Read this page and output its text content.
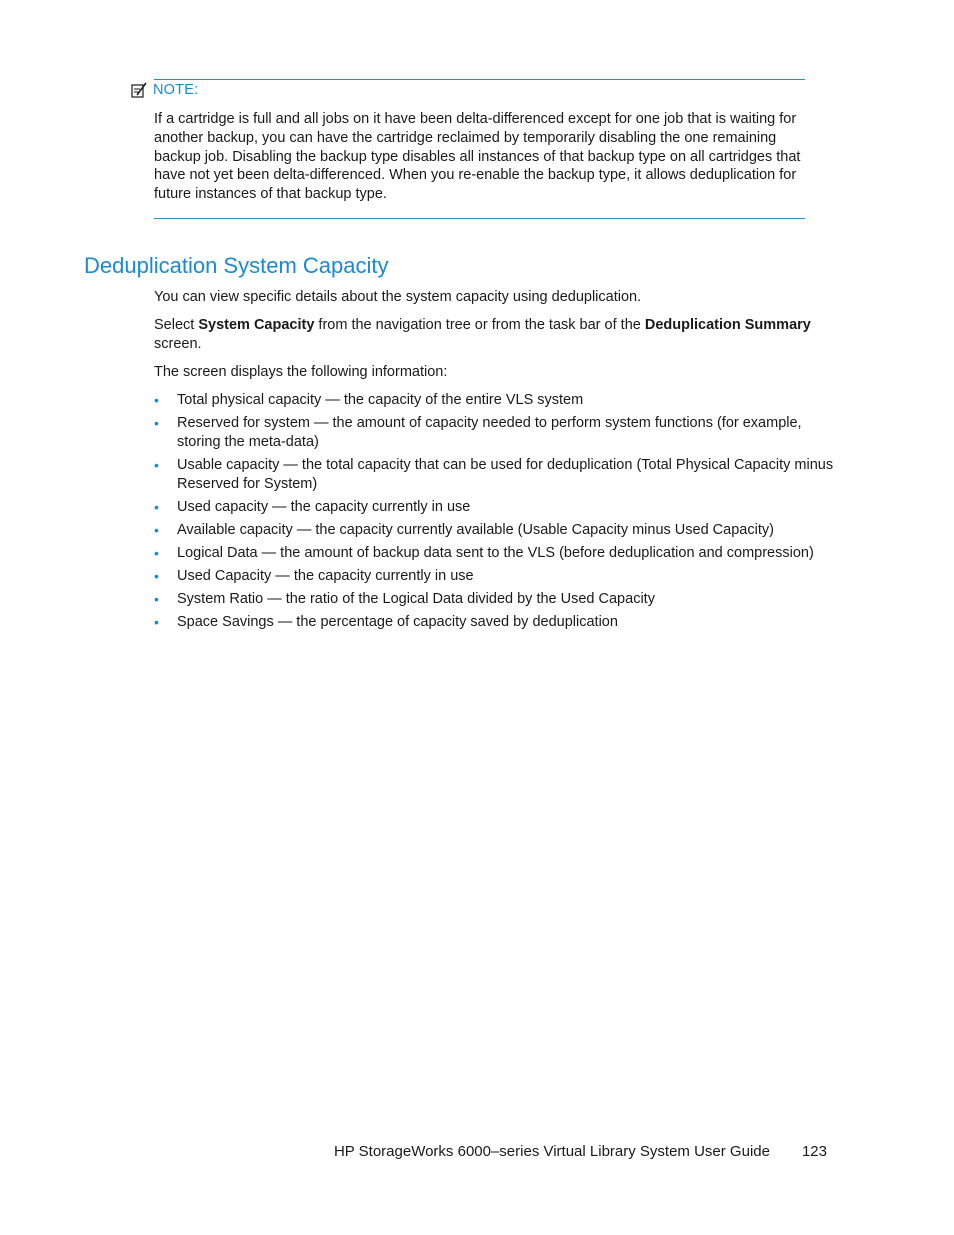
NOTE:
If a cartridge is full and all jobs on it have been delta-differenced except for one job that is waiting for another backup, you can have the cartridge reclaimed by temporarily disabling the one remaining backup job. Disabling the backup type disables all instances of that backup type on all cartridges that have not yet been delta-differenced. When you re-enable the backup type, it allows deduplication for future instances of that backup type.
Deduplication System Capacity

You can view specific details about the system capacity using deduplication.

Select System Capacity from the navigation tree or from the task bar of the Deduplication Summary screen.

The screen displays the following information:

• Total physical capacity — the capacity of the entire VLS system
• Reserved for system — the amount of capacity needed to perform system functions (for example, storing the meta-data)
• Usable capacity — the total capacity that can be used for deduplication (Total Physical Capacity minus Reserved for System)
• Used capacity — the capacity currently in use
• Available capacity — the capacity currently available (Usable Capacity minus Used Capacity)
• Logical Data — the amount of backup data sent to the VLS (before deduplication and compression)
• Used Capacity — the capacity currently in use
• System Ratio — the ratio of the Logical Data divided by the Used Capacity
• Space Savings — the percentage of capacity saved by deduplication
HP StorageWorks 6000–series Virtual Library System User Guide 123
